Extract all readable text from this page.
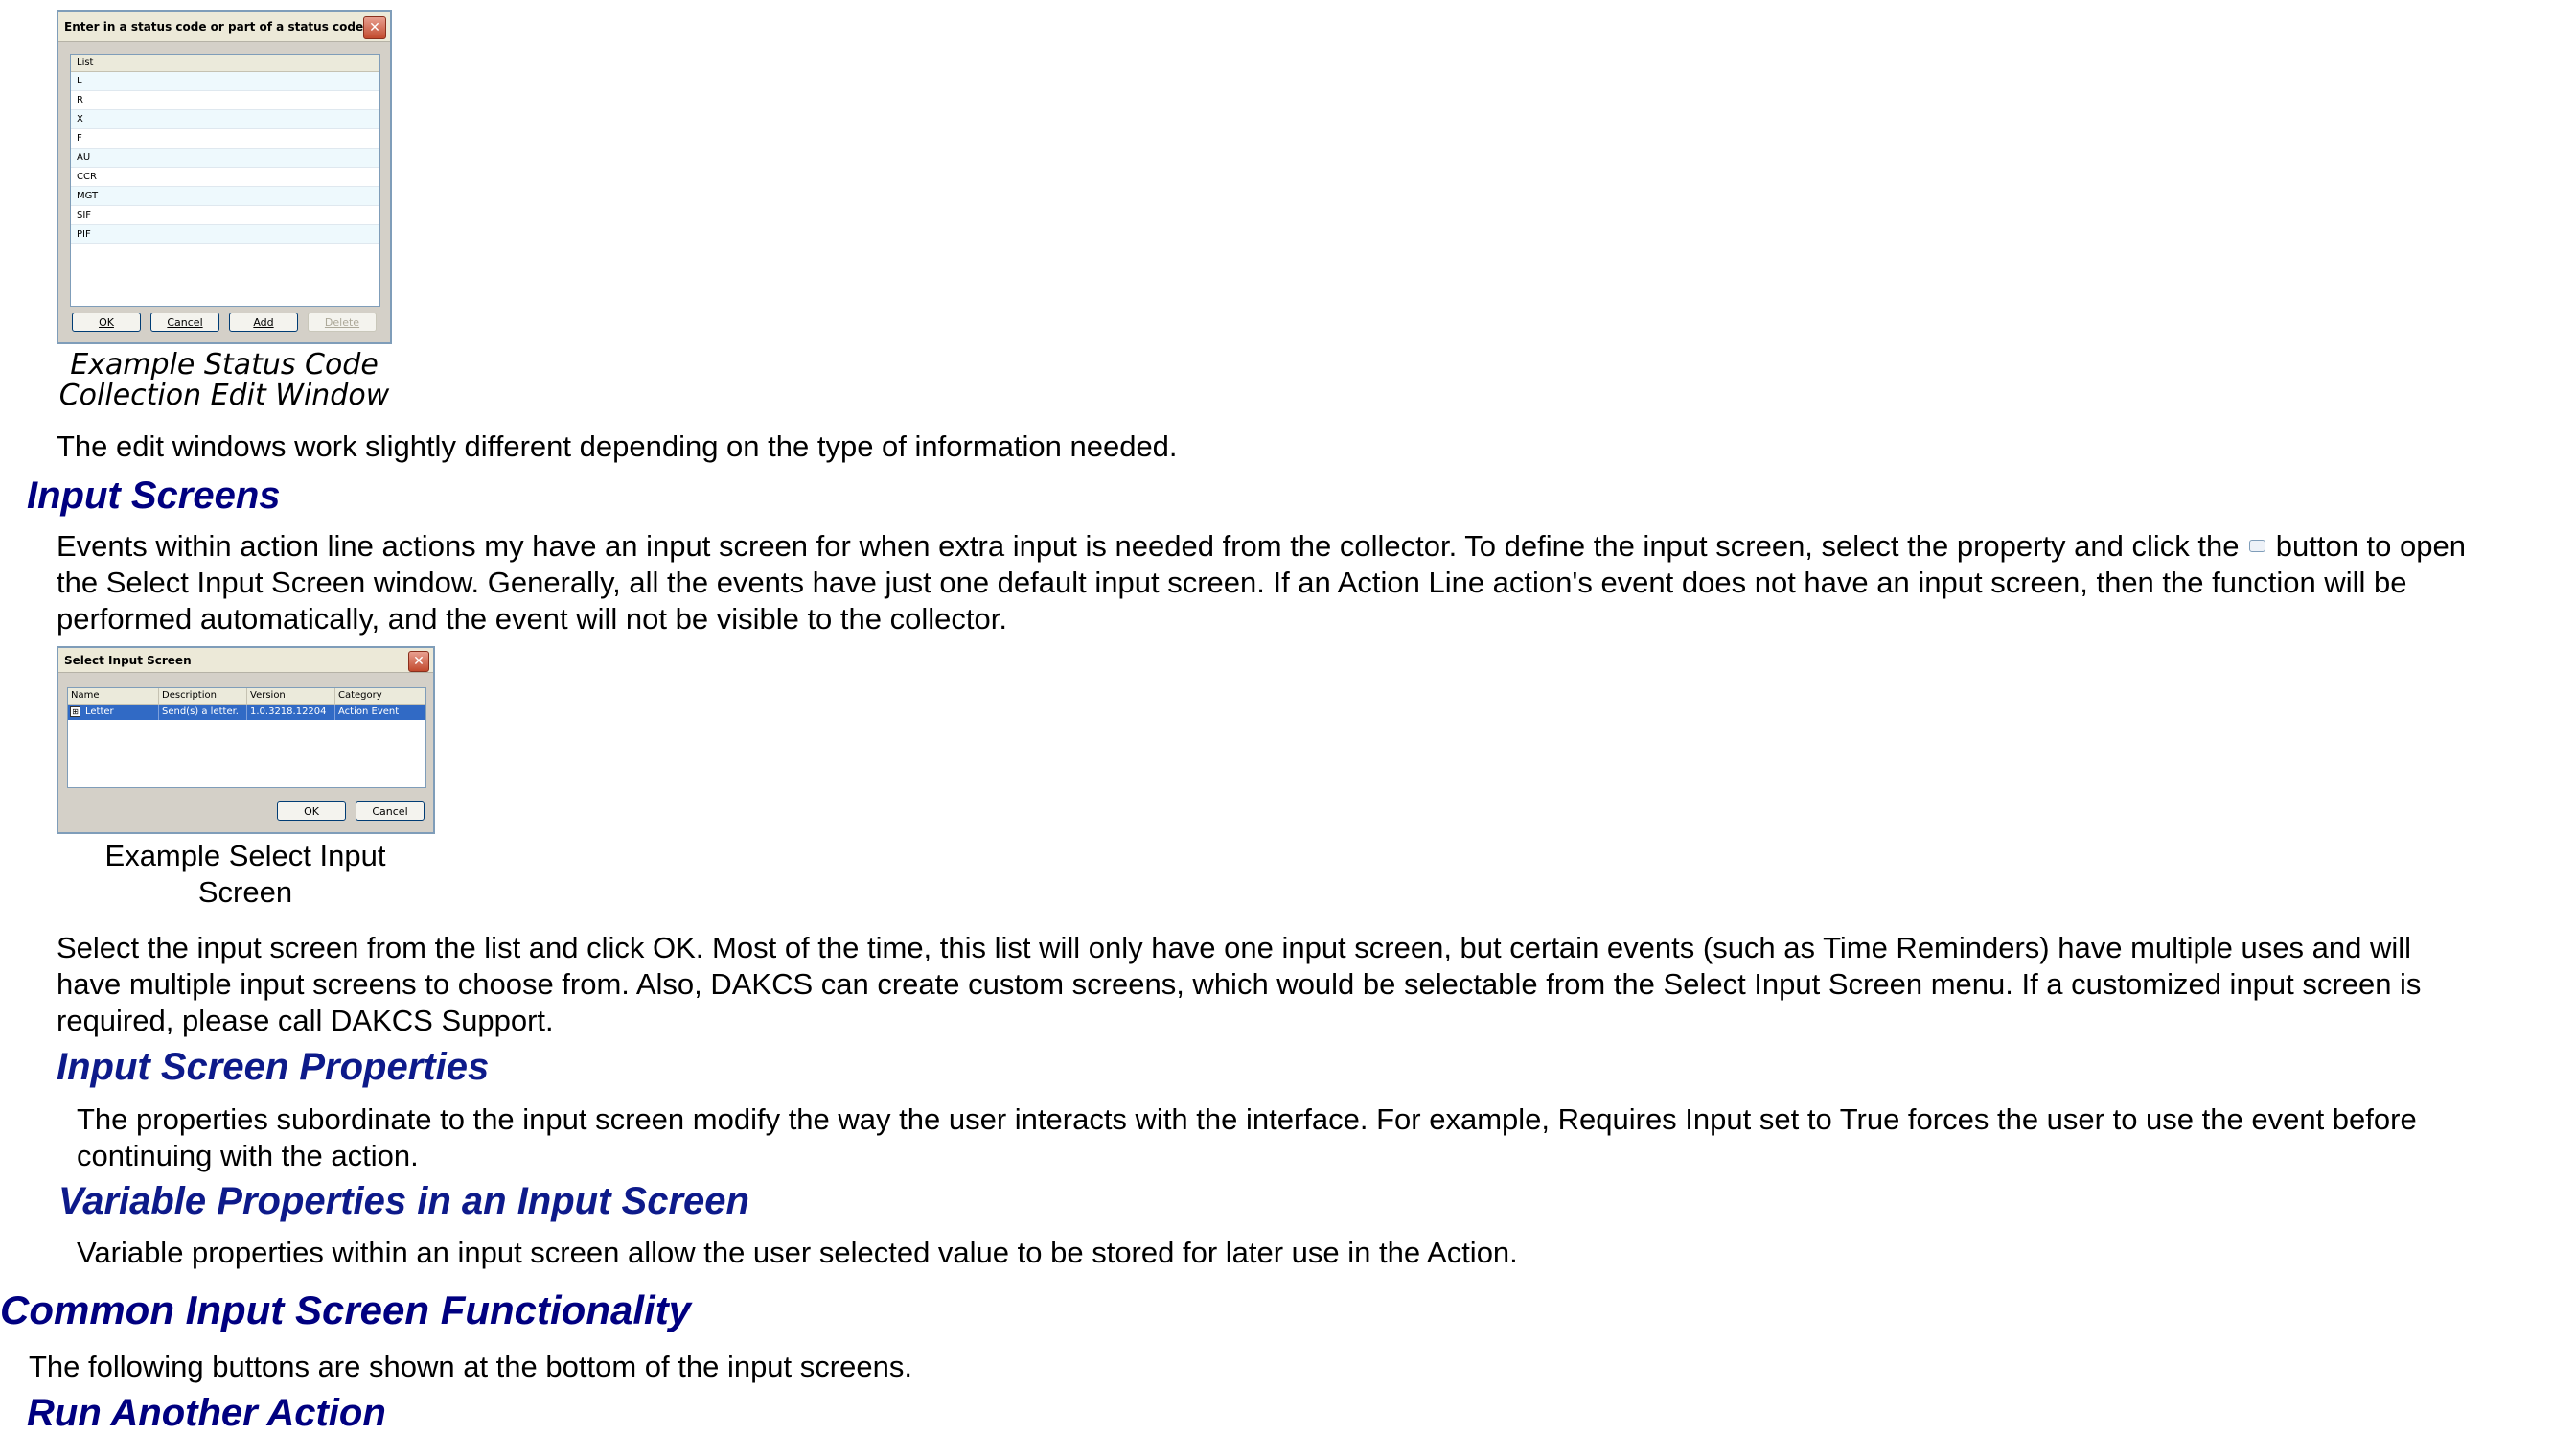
Enter in a status code or part of a status code ✕
List
L
R
X
F
AU
CCR
MGT
SIF
PIF
OK	Cancel	Add	Delete
Example Status Code
Collection Edit Window
The edit windows work slightly different depending on the type of information needed.
Input Screens
Events within action line actions my have an input screen for when extra input is needed from the collector. To define the input screen, select the property and click the button to open
the Select Input Screen window. Generally, all the events have just one default input screen. If an Action Line action's event does not have an input screen, then the function will be
performed automatically, and the event will not be visible to the collector.
Select Input Screen	✕
Name	Description	Version	Category
⊞ Letter	Send(s) a letter.	1.0.3218.12204	Action Event
OK	Cancel
Example Select Input
Screen
Select the input screen from the list and click OK. Most of the time, this list will only have one input screen, but certain events (such as Time Reminders) have multiple uses and will
have multiple input screens to choose from. Also, DAKCS can create custom screens, which would be selectable from the Select Input Screen menu. If a customized input screen is
required, please call DAKCS Support.
Input Screen Properties
The properties subordinate to the input screen modify the way the user interacts with the interface. For example, Requires Input set to True forces the user to use the event before
continuing with the action.
Variable Properties in an Input Screen
Variable properties within an input screen allow the user selected value to be stored for later use in the Action.
Common Input Screen Functionality
The following buttons are shown at the bottom of the input screens.
Run Another Action
